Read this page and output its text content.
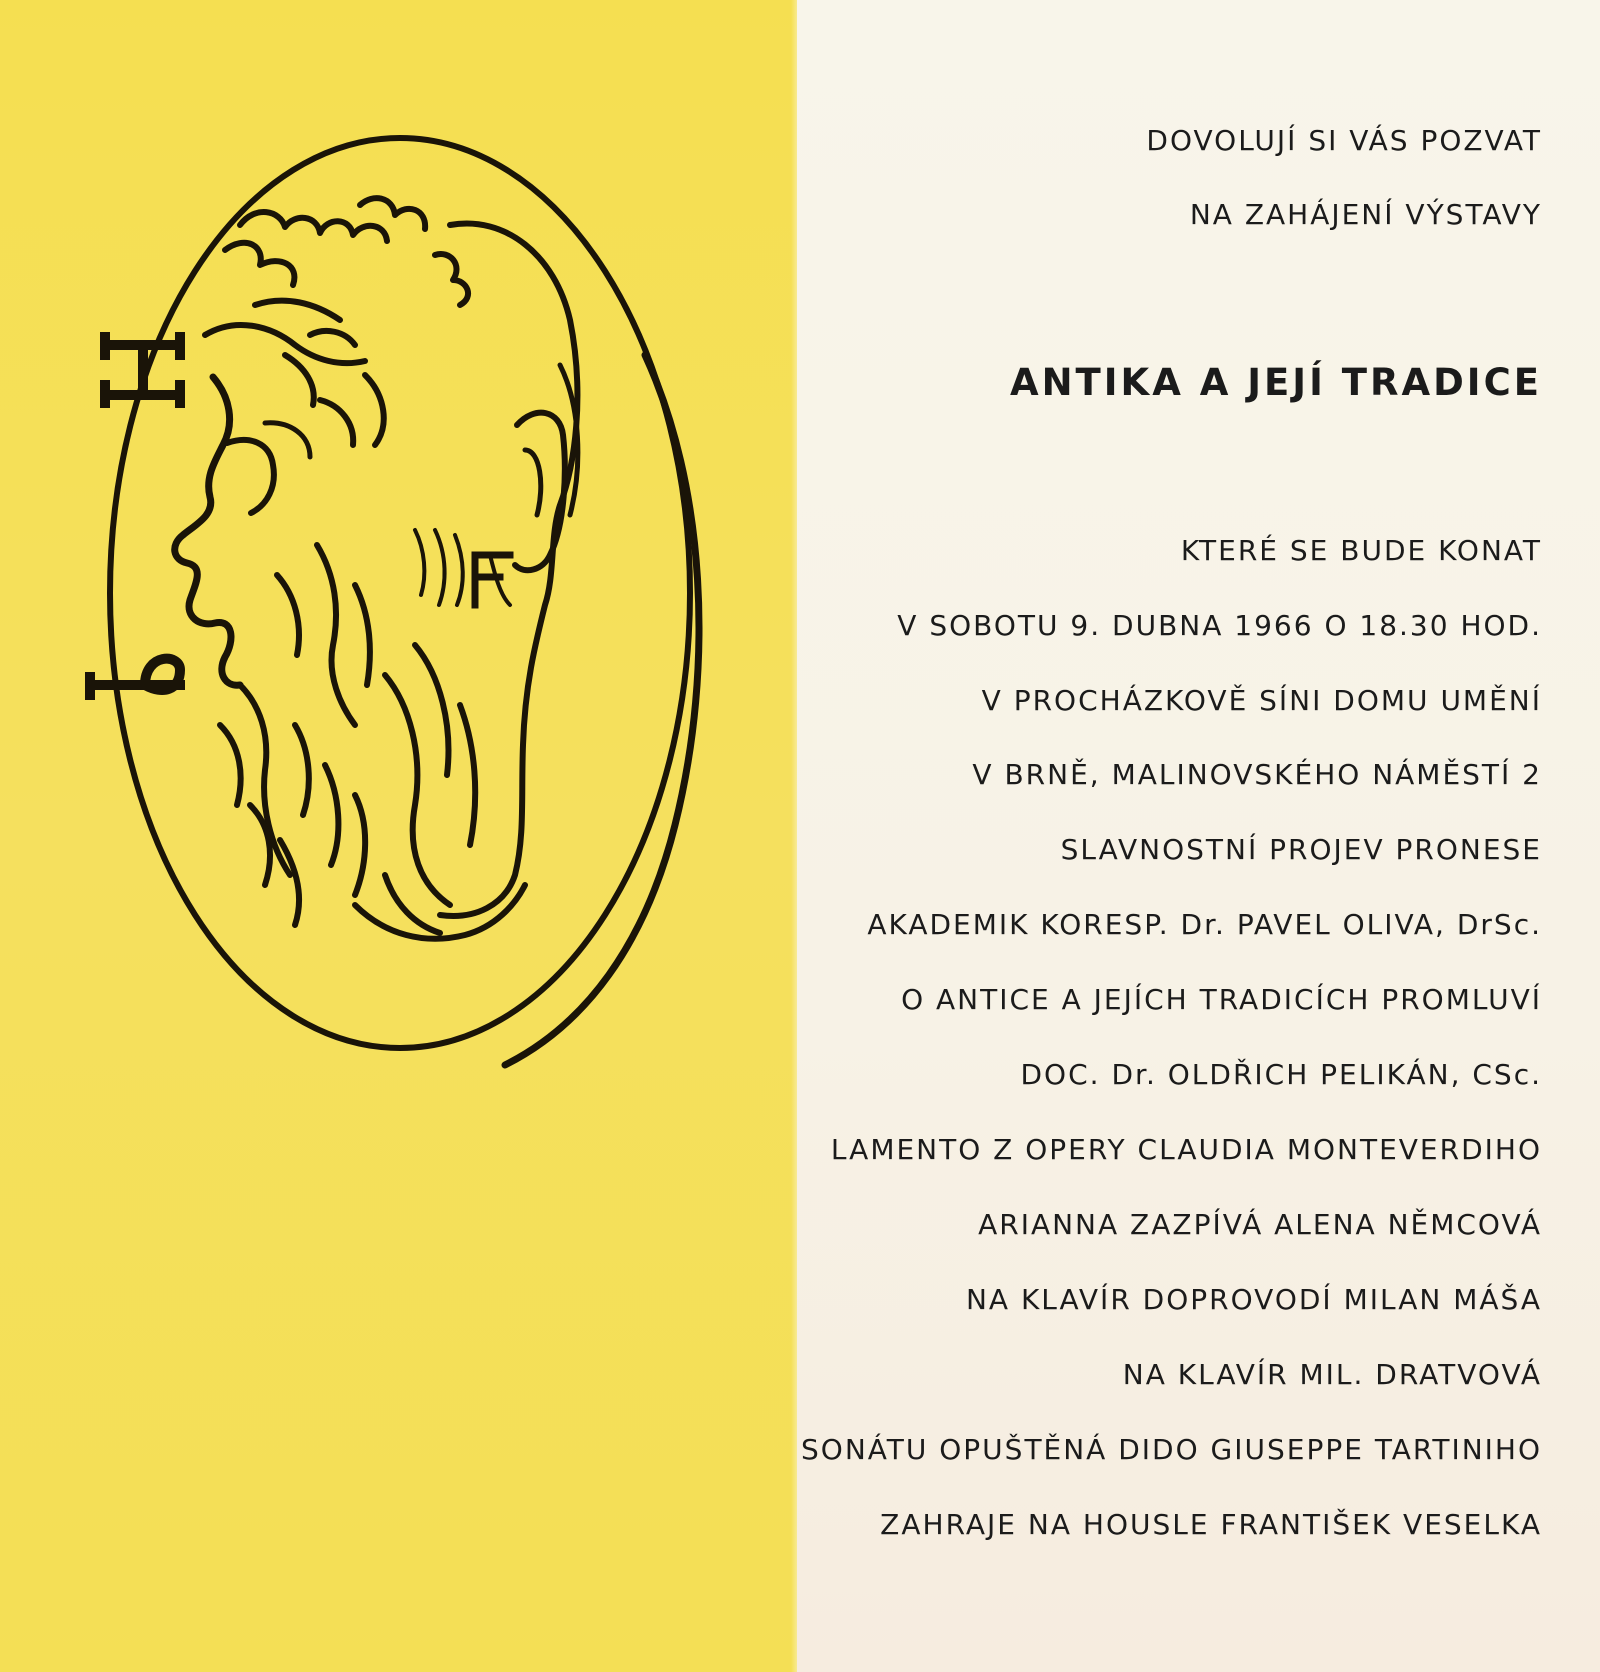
DOVOLUJÍ SI VÁS POZVAT
NA ZAHÁJENÍ VÝSTAVY
ANTIKA A JEJÍ TRADICE
KTERÉ SE BUDE KONAT
V SOBOTU 9. DUBNA 1966 O 18.30 HOD.
V PROCHÁZKOVĚ SÍNI DOMU UMĚNÍ
V BRNĚ, MALINOVSKÉHO NÁMĚSTÍ 2
SLAVNOSTNÍ PROJEV PRONESE
AKADEMIK KORESP. Dr. PAVEL OLIVA, DrSc.
O ANTICE A JEJÍCH TRADICÍCH PROMLUVÍ
DOC. Dr. OLDŘICH PELIKÁN, CSc.
LAMENTO Z OPERY CLAUDIA MONTEVERDIHO
ARIANNA ZAZPÍVÁ ALENA NĚMCOVÁ
NA KLAVÍR DOPROVODÍ MILAN MÁŠA
NA KLAVÍR MIL. DRATVOVÁ
SONÁTU OPUŠTĚNÁ DIDO GIUSEPPE TARTINIHO
ZAHRAJE NA HOUSLE FRANTIŠEK VESELKA
